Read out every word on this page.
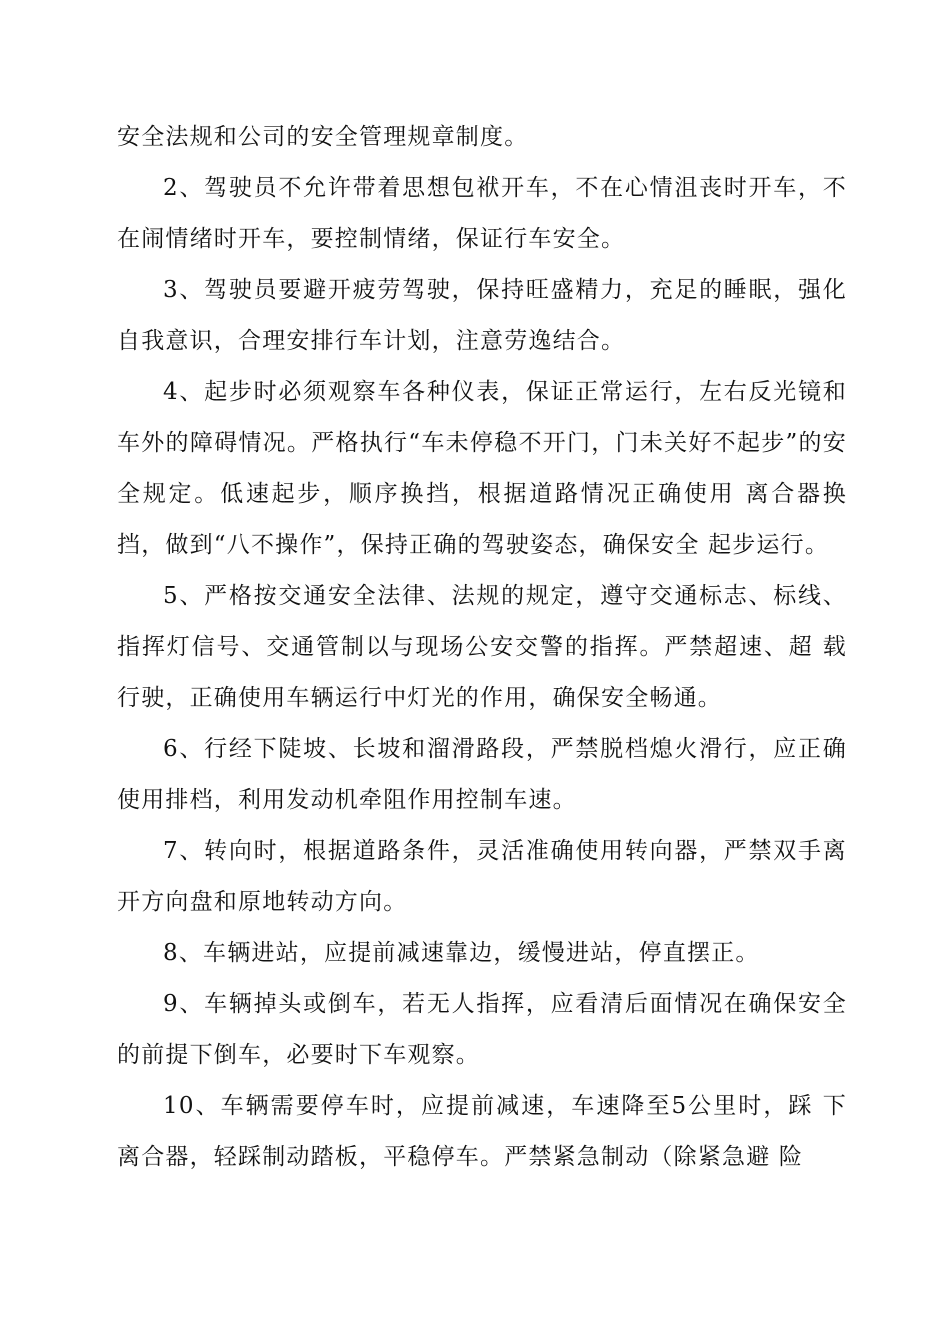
安全法规和公司的安全管理规章制度。

2、驾驶员不允许带着思想包袱开车，不在心情沮丧时开车，不在闹情绪时开车，要控制情绪，保证行车安全。

3、驾驶员要避开疲劳驾驶，保持旺盛精力，充足的睡眠，强化自我意识，合理安排行车计划，注意劳逸结合。

4、起步时必须观察车各种仪表，保证正常运行，左右反光镜和车外的障碍情况。严格执行“车未停稳不开门，门未关好不起步”的安全规定。低速起步，顺序换挡，根据道路情况正确使用 离合器换挡，做到“八不操作”，保持正确的驾驶姿态，确保安全 起步运行。

5、严格按交通安全法律、法规的规定，遵守交通标志、标线、指挥灯信号、交通管制以与现场公安交警的指挥。严禁超速、超 载行驶，正确使用车辆运行中灯光的作用，确保安全畅通。

6、行经下陡坡、长坡和溜滑路段，严禁脱档熄火滑行，应正确使用排档，利用发动机牵阻作用控制车速。

7、转向时，根据道路条件，灵活准确使用转向器，严禁双手离开方向盘和原地转动方向。

8、车辆进站，应提前减速靠边，缓慢进站，停直摆正。

9、车辆掉头或倒车，若无人指挥，应看清后面情况在确保安全的前提下倒车，必要时下车观察。

10、车辆需要停车时，应提前减速，车速降至5公里时，踩 下离合器，轻踩制动踏板，平稳停车。严禁紧急制动（除紧急避 险
